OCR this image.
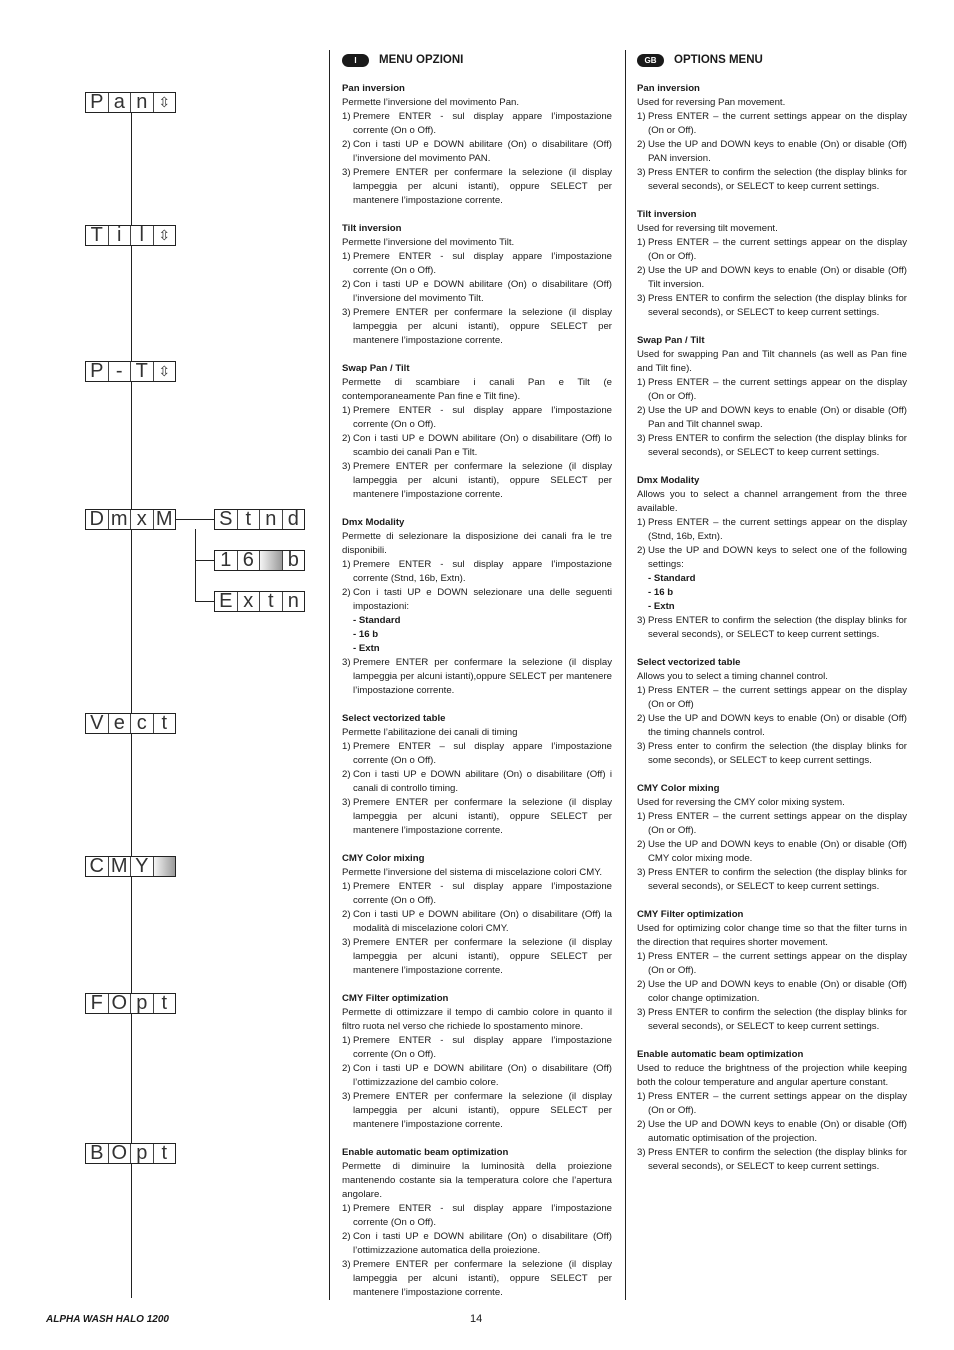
P a n ⇳
T i l	⇳
P - T ⇳
D m x M S t n d
1 6	b
E x t n
V e c t
C M Y
F O p t
B O p t
I	MENU OPZIONI
Pan inversion
Permette l’inversione del movimento Pan.
1) Premere ENTER - sul display appare l’impostazione corrente (On o Off).
2) Con i tasti UP e DOWN abilitare (On) o disabilitare (Off) l’inversione del movimento PAN.
3) Premere ENTER per confermare la selezione (il display lampeggia per alcuni istanti), oppure SELECT per mantenere l’impostazione corrente.
Tilt inversion
Permette l’inversione del movimento Tilt.
1) Premere ENTER - sul display appare l’impostazione corrente (On o Off).
2) Con i tasti UP e DOWN abilitare (On) o disabilitare (Off) l’inversione del movimento Tilt.
3) Premere ENTER per confermare la selezione (il display lampeggia per alcuni istanti), oppure SELECT per mantenere l’impostazione corrente.
Swap Pan / Tilt
Permette di scambiare i canali Pan e Tilt (e contemporaneamente Pan fine e Tilt fine).
1) Premere ENTER - sul display appare l’impostazione corrente (On o Off).
2) Con i tasti UP e DOWN abilitare (On) o disabilitare (Off) lo scambio dei canali Pan e Tilt.
3) Premere ENTER per confermare la selezione (il display lampeggia per alcuni istanti), oppure SELECT per mantenere l’impostazione corrente.
Dmx Modality
Permette di selezionare la disposizione dei canali fra le tre disponibili.
1) Premere ENTER - sul display appare l’impostazione corrente (Stnd, 16b, Extn).
2) Con i tasti UP e DOWN selezionare una delle seguenti impostazioni:
- Standard
- 16 b
- Extn
3) Premere ENTER per confermare la selezione (il display lampeggia per alcuni istanti),oppure SELECT per mantenere l’impostazione corrente.
Select vectorized table
Permette l’abilitazione dei canali di timing
1) Premere ENTER – sul display appare l’impostazione corrente (On o Off).
2) Con i tasti UP e DOWN abilitare (On) o disabilitare (Off) i canali di controllo timing.
3) Premere ENTER per confermare la selezione (il display lampeggia per alcuni istanti), oppure SELECT per mantenere l’impostazione corrente.
CMY Color mixing
Permette l’inversione del sistema di miscelazione colori CMY.
1) Premere ENTER - sul display appare l’impostazione corrente (On o Off).
2) Con i tasti UP e DOWN abilitare (On) o disabilitare (Off) la modalità di miscelazione colori CMY.
3) Premere ENTER per confermare la selezione (il display lampeggia per alcuni istanti), oppure SELECT per mantenere l’impostazione corrente.
CMY Filter optimization
Permette di ottimizzare il tempo di cambio colore in quanto il filtro ruota nel verso che richiede lo spostamento minore.
1) Premere ENTER - sul display appare l’impostazione corrente (On o Off).
2) Con i tasti UP e DOWN abilitare (On) o disabilitare (Off) l’ottimizzazione del cambio colore.
3) Premere ENTER per confermare la selezione (il display lampeggia per alcuni istanti), oppure SELECT per mantenere l’impostazione corrente.
Enable automatic beam optimization
Permette di diminuire la luminosità della proiezione mantenendo costante sia la temperatura colore che l’apertura angolare.
1) Premere ENTER - sul display appare l’impostazione corrente (On o Off).
2) Con i tasti UP e DOWN abilitare (On) o disabilitare (Off) l’ottimizzazione automatica della proiezione.
3) Premere ENTER per confermare la selezione (il display lampeggia per alcuni istanti), oppure SELECT per mantenere l’impostazione corrente.
GB	OPTIONS MENU
Pan inversion
Used for reversing Pan movement.
1) Press ENTER – the current settings appear on the display (On or Off).
2) Use the UP and DOWN keys to enable (On) or disable (Off) PAN inversion.
3) Press ENTER to confirm the selection (the display blinks for several seconds), or SELECT to keep current settings.
Tilt inversion
Used for reversing tilt movement.
1) Press ENTER – the current settings appear on the display (On or Off).
2) Use the UP and DOWN keys to enable (On) or disable (Off) Tilt inversion.
3) Press ENTER to confirm the selection (the display blinks for several seconds), or SELECT to keep current settings.
Swap Pan / Tilt
Used for swapping Pan and Tilt channels (as well as Pan fine and Tilt fine).
1) Press ENTER – the current settings appear on the display (On or Off).
2) Use the UP and DOWN keys to enable (On) or disable (Off) Pan and Tilt channel swap.
3) Press ENTER to confirm the selection (the display blinks for several seconds), or SELECT to keep current settings.
Dmx Modality
Allows you to select a channel arrangement from the three available.
1) Press ENTER – the current settings appear on the display (Stnd, 16b, Extn).
2) Use the UP and DOWN keys to select one of the following settings:
- Standard
- 16 b
- Extn
3) Press ENTER to confirm the selection (the display blinks for several seconds), or SELECT to keep current settings.
Select vectorized table
Allows you to select a timing channel control.
1) Press ENTER – the current settings appear on the display (On or Off)
2) Use the UP and DOWN keys to enable (On) or disable (Off) the timing channels control.
3) Press enter to confirm the selection (the display blinks for some seconds), or SELECT to keep current settings.
CMY Color mixing
Used for reversing the CMY color mixing system.
1) Press ENTER – the current settings appear on the display (On or Off).
2) Use the UP and DOWN keys to enable (On) or disable (Off) CMY color mixing mode.
3) Press ENTER to confirm the selection (the display blinks for several seconds), or SELECT to keep current settings.
CMY Filter optimization
Used for optimizing color change time so that the filter turns in the direction that requires shorter movement.
1) Press ENTER – the current settings appear on the display (On or Off).
2) Use the UP and DOWN keys to enable (On) or disable (Off) color change optimization.
3) Press ENTER to confirm the selection (the display blinks for several seconds), or SELECT to keep current settings.
Enable automatic beam optimization
Used to reduce the brightness of the projection while keeping both the colour temperature and angular aperture constant.
1) Press ENTER – the current settings appear on the display (On or Off).
2) Use the UP and DOWN keys to enable (On) or disable (Off) automatic optimisation of the projection.
3) Press ENTER to confirm the selection (the display blinks for several seconds), or SELECT to keep current settings.
ALPHA WASH HALO 1200	14
